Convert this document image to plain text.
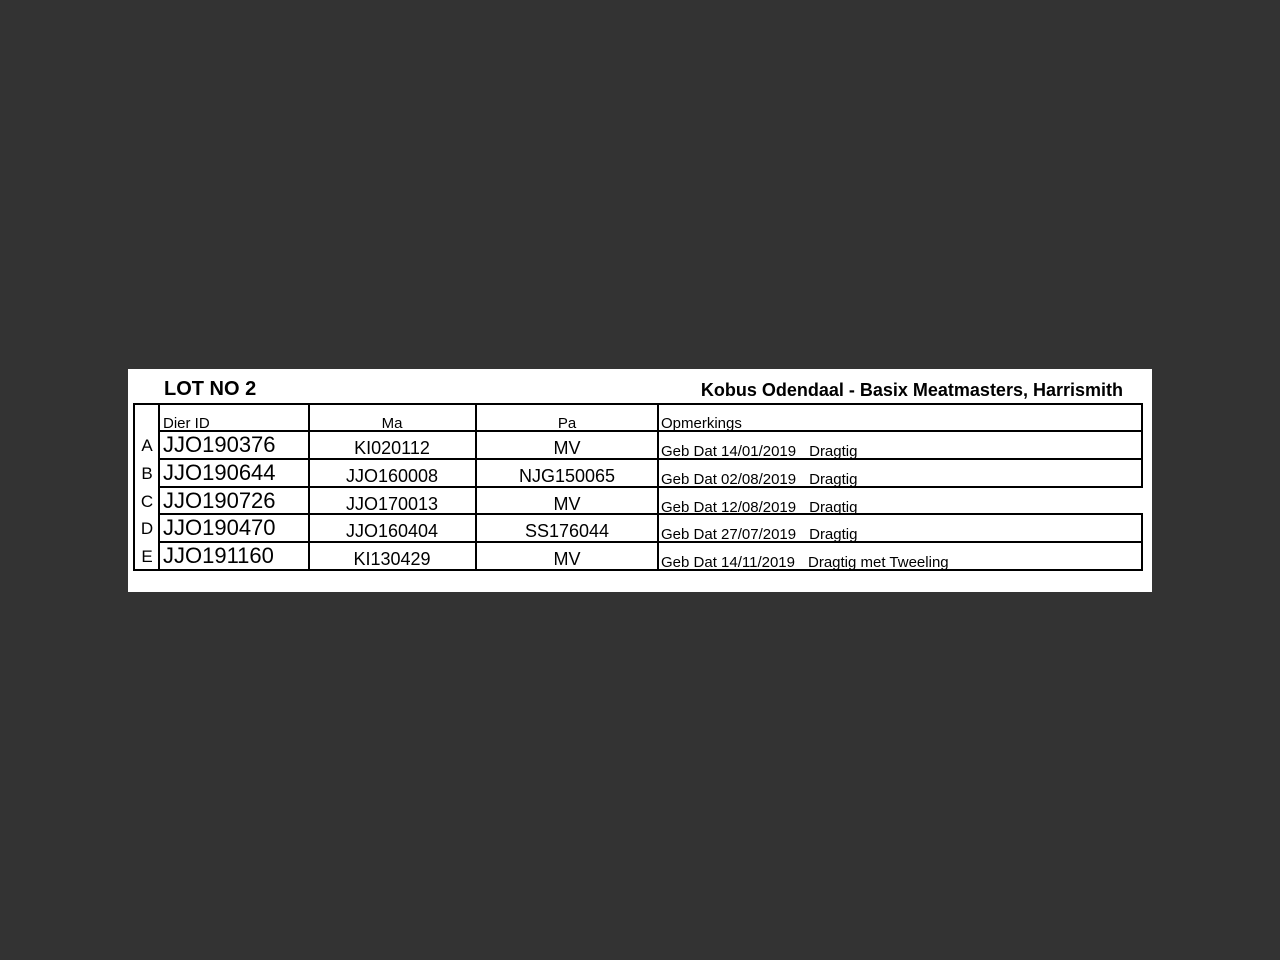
LOT NO 2	Kobus Odendaal - Basix Meatmasters, Harrismith
Dier ID	Ma	Pa	Opmerkings
A JJO190376	KI020112	MV	Geb Dat 14/01/2019 Dragtig
B JJO190644	JJO160008	NJG150065	Geb Dat 02/08/2019 Dragtig
C JJO190726	JJO170013	MV	Geb Dat 12/08/2019 Dragtig
D JJO190470	JJO160404	SS176044	Geb Dat 27/07/2019 Dragtig
E JJO191160	KI130429	MV	Geb Dat 14/11/2019 Dragtig met Tweeling
